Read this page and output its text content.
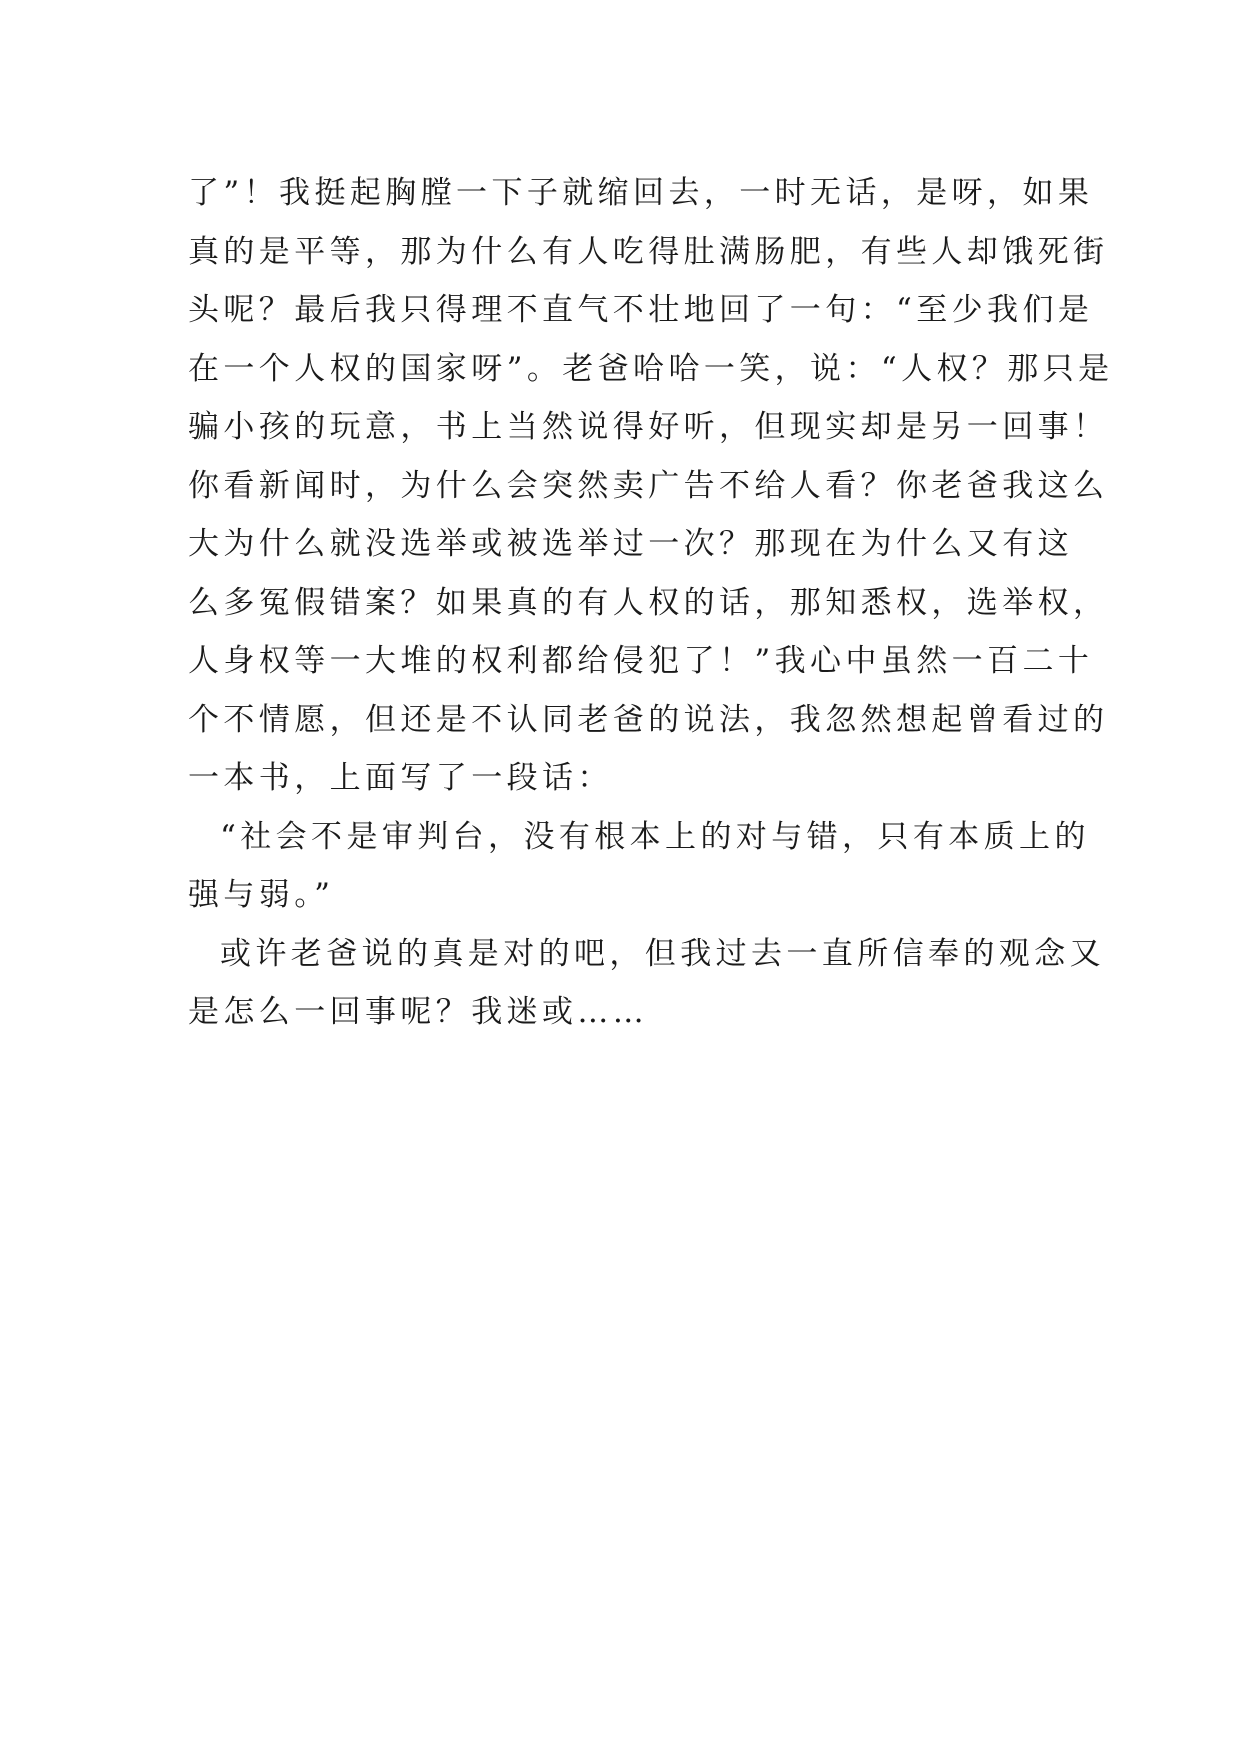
了”！我挺起胸膛一下子就缩回去，一时无话，是呀，如果
真的是平等，那为什么有人吃得肚满肠肥，有些人却饿死街
头呢？最后我只得理不直气不壮地回了一句：“至少我们是
在一个人权的国家呀”。老爸哈哈一笑，说：“人权？那只是
骗小孩的玩意，书上当然说得好听，但现实却是另一回事！
你看新闻时，为什么会突然卖广告不给人看？你老爸我这么
大为什么就没选举或被选举过一次？那现在为什么又有这
么多冤假错案？如果真的有人权的话，那知悉权，选举权，
人身权等一大堆的权利都给侵犯了！”我心中虽然一百二十
个不情愿，但还是不认同老爸的说法，我忽然想起曾看过的
一本书，上面写了一段话：
“社会不是审判台，没有根本上的对与错，只有本质上的
强与弱。”
或许老爸说的真是对的吧，但我过去一直所信奉的观念又
是怎么一回事呢？我迷或……
